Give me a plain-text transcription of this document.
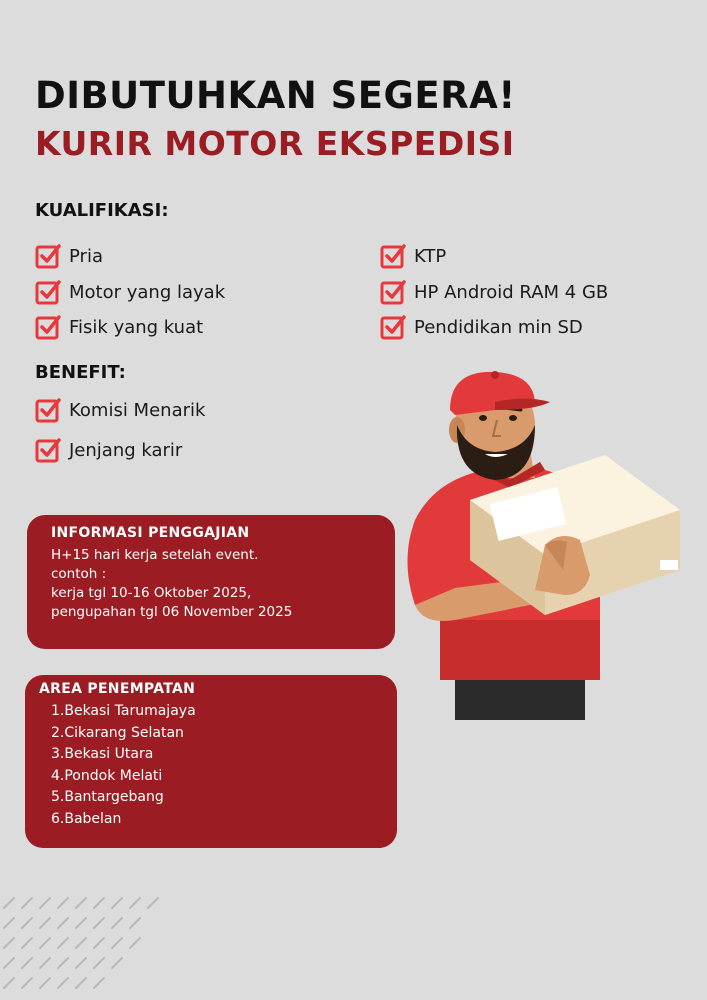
DIBUTUHKAN SEGERA!
KURIR MOTOR EKSPEDISI
KUALIFIKASI:
Pria
Motor yang layak
Fisik yang kuat
KTP
HP Android RAM 4 GB
Pendidikan min SD
BENEFIT:
Komisi Menarik
Jenjang karir
INFORMASI PENGGAJIAN
H+15 hari kerja setelah event.
contoh :
kerja tgl 10-16 Oktober 2025,
pengupahan tgl 06 November 2025
AREA PENEMPATAN
1.Bekasi Tarumajaya
2.Cikarang Selatan
3.Bekasi Utara
4.Pondok Melati
5.Bantargebang
6.Babelan
